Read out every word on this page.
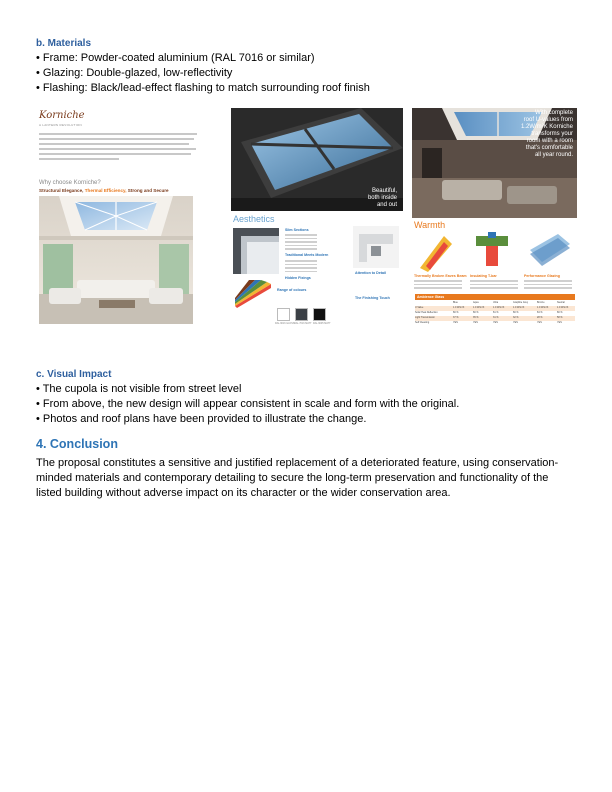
b. Materials
• Frame: Powder-coated aluminium (RAL 7016 or similar)
• Glazing: Double-glazed, low-reflectivity
• Flashing: Black/lead-effect flashing to match surrounding roof finish
Korniche
A LANTERN REVOLUTION
Why choose Korniche?
Structural Elegance, Thermal Efficiency, Strong and Secure	Beautiful,
both inside
and out
Aesthetics
Slim Sections
Traditional Meets Modern
Hidden Fixings
Attention to Detail
Range of colours
The Finishing Touch
RAL 9016 GLOSS RAL 7016 MATT RAL 9005 MATT
With complete
roof U-values from
1.2W/m²K Korniche
transforms your
room with a room
that's comfortable
all year round.
Warmth
Thermally Broken Eaves Beam Insulating T-bar	Performance Glazing
Ambience Glass
Blue	Aqua	Ultra	Graphite Grey	Bronze	Neutral
U Value	1.0 W/m²K	1.0 W/m²K	1.0 W/m²K	1.0 W/m²K	1.0 W/m²K	1.0 W/m²K
Solar Heat Reflection	80 %	80 %	81 %	80 %	84 %	80 %
Light Transmission	37 %	35 %	31 %	32 %	28 %	58 %
Self Cleaning	YES	YES	YES	YES	YES	YES
c. Visual Impact
• The cupola is not visible from street level
• From above, the new design will appear consistent in scale and form with the original.
• Photos and roof plans have been provided to illustrate the change.
4. Conclusion
The proposal constitutes a sensitive and justified replacement of a deteriorated feature, using conservation-minded materials and contemporary detailing to secure the long-term preservation and functionality of the listed building without adverse impact on its character or the wider conservation area.
